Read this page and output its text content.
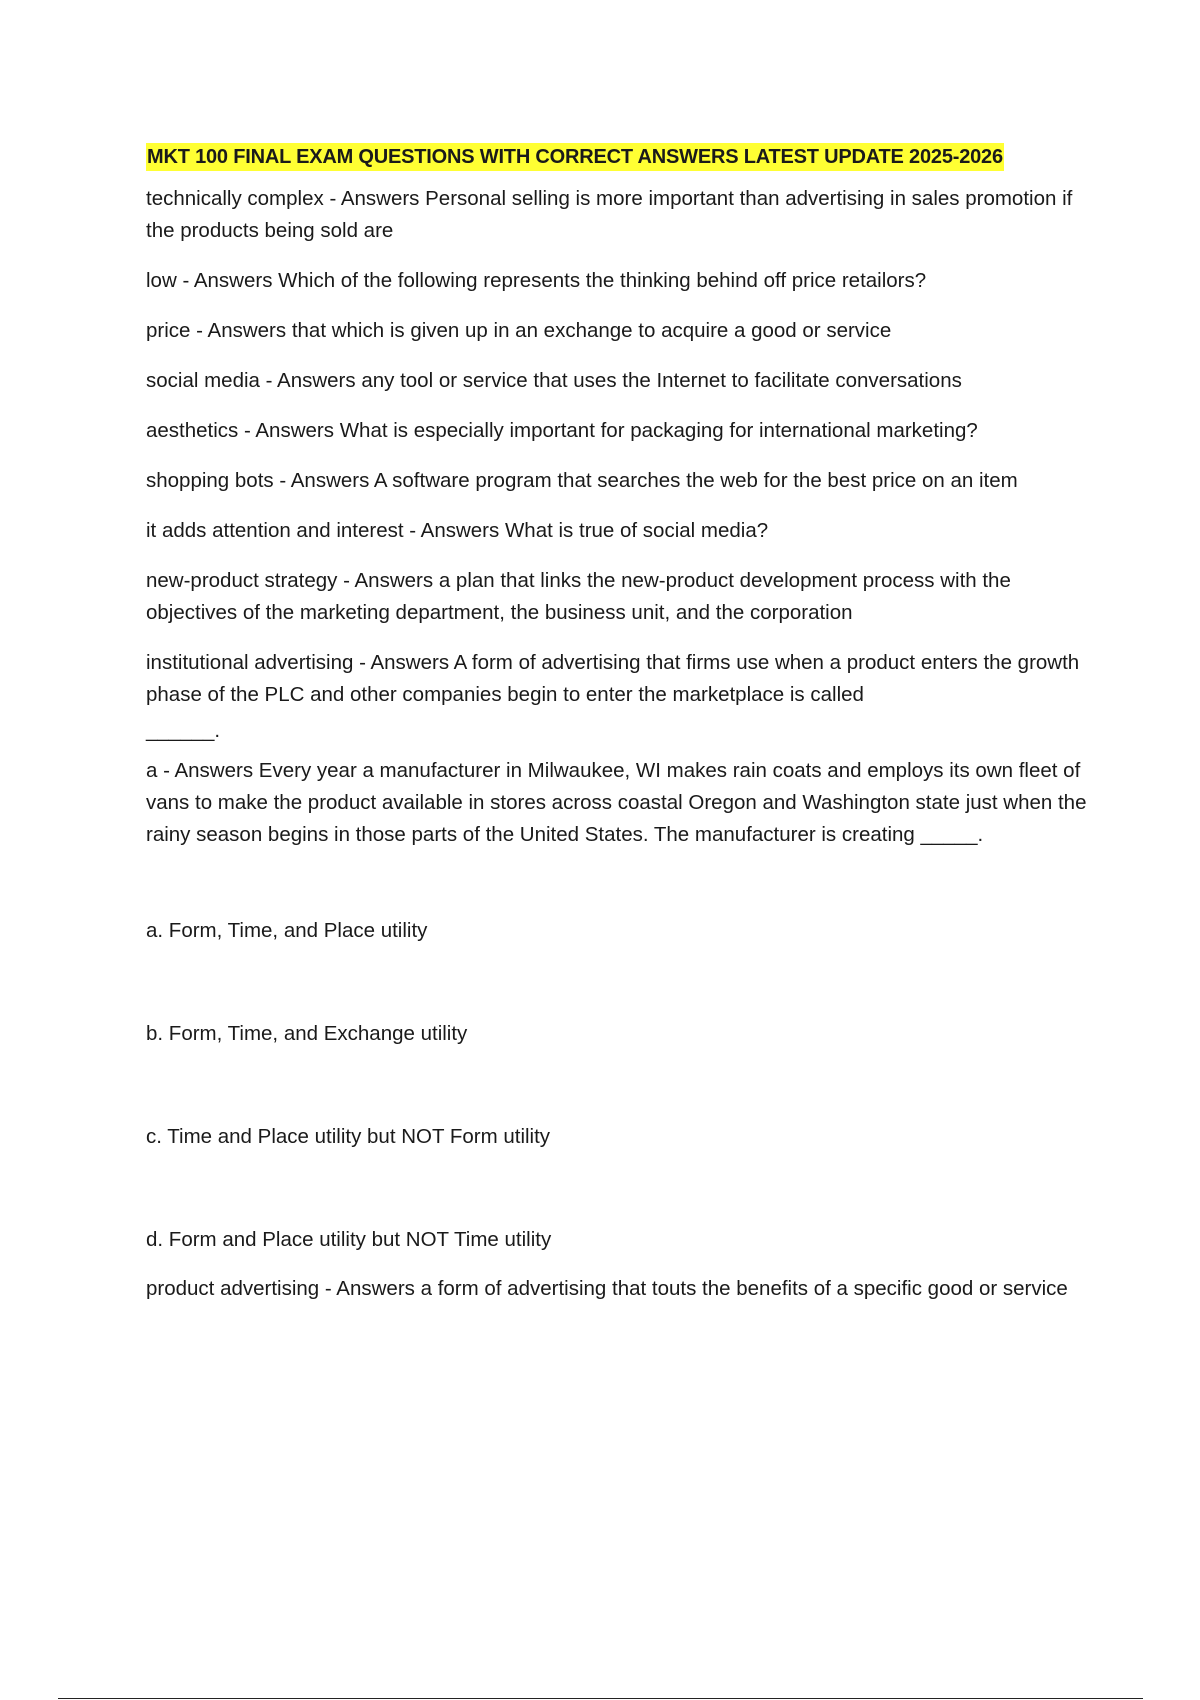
MKT 100 FINAL EXAM QUESTIONS WITH CORRECT ANSWERS LATEST UPDATE 2025-2026

technically complex - Answers Personal selling is more important than advertising in sales promotion if the products being sold are

low - Answers Which of the following represents the thinking behind off price retailors?

price - Answers that which is given up in an exchange to acquire a good or service

social media - Answers any tool or service that uses the Internet to facilitate conversations

aesthetics - Answers What is especially important for packaging for international marketing?

shopping bots - Answers A software program that searches the web for the best price on an item

it adds attention and interest - Answers What is true of social media?

new-product strategy - Answers a plan that links the new-product development process with the objectives of the marketing department, the business unit, and the corporation

institutional advertising - Answers A form of advertising that firms use when a product enters the growth phase of the PLC and other companies begin to enter the marketplace is called

______.

a - Answers Every year a manufacturer in Milwaukee, WI makes rain coats and employs its own fleet of vans to make the product available in stores across coastal Oregon and Washington state just when the rainy season begins in those parts of the United States. The manufacturer is creating _____.

a. Form, Time, and Place utility

b. Form, Time, and Exchange utility

c. Time and Place utility but NOT Form utility

d. Form and Place utility but NOT Time utility

product advertising - Answers a form of advertising that touts the benefits of a specific good or service
